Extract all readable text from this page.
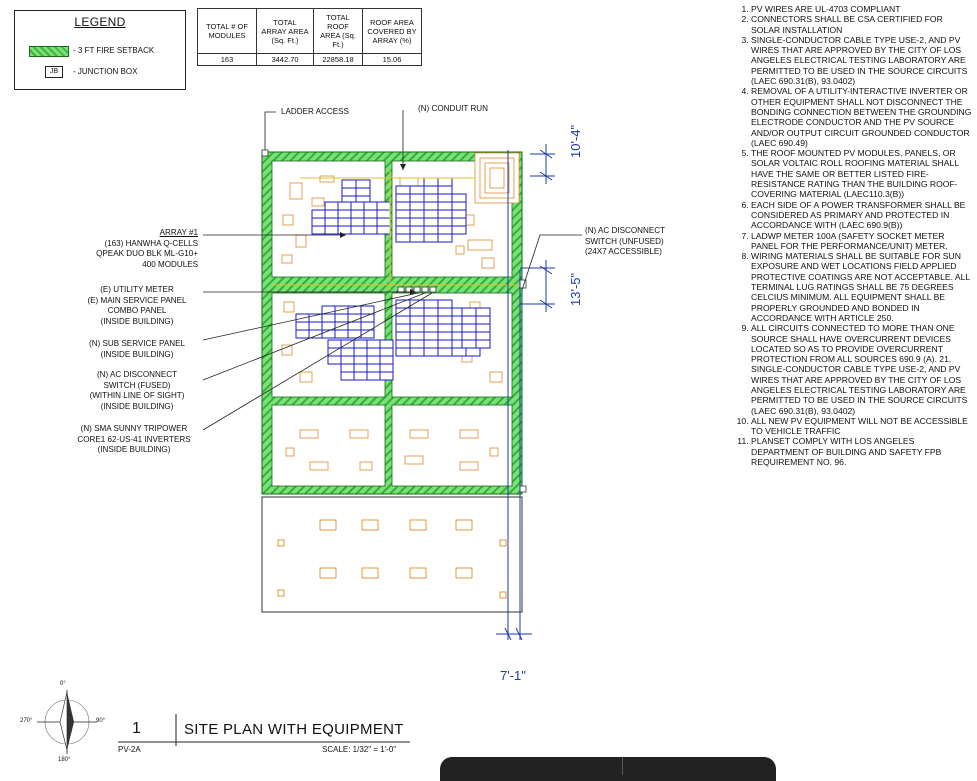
LEGEND
- 3 FT FIRE SETBACK
JB	- JUNCTION BOX
TOTAL # OF MODULES	TOTAL ARRAY AREA (Sq. Ft.)	TOTAL ROOF AREA (Sq. Ft.)	ROOF AREA COVERED BY ARRAY (%)
163	3442.70	22858.18	15.06
1. PV WIRES ARE UL-4703 COMPLIANT
2. CONNECTORS SHALL BE CSA CERTIFIED FOR SOLAR INSTALLATION
3. SINGLE-CONDUCTOR CABLE TYPE USE-2, AND PV WIRES THAT ARE APPROVED BY THE CITY OF LOS ANGELES ELECTRICAL TESTING LABORATORY ARE PERMITTED TO BE USED IN THE SOURCE CIRCUITS (LAEC 690.31(B), 93.0402)
4. REMOVAL OF A UTILITY-INTERACTIVE INVERTER OR OTHER EQUIPMENT SHALL NOT DISCONNECT THE BONDING CONNECTION BETWEEN THE GROUNDING ELECTRODE CONDUCTOR AND THE PV SOURCE AND/OR OUTPUT CIRCUIT GROUNDED CONDUCTOR (LAEC 690.49)
5. THE ROOF MOUNTED PV MODULES, PANELS, OR SOLAR VOLTAIC ROLL ROOFING MATERIAL SHALL HAVE THE SAME OR BETTER LISTED FIRE-RESISTANCE RATING THAN THE BUILDING ROOF-COVERING MATERIAL (LAEC110.3(B))
6. EACH SIDE OF A POWER TRANSFORMER SHALL BE CONSIDERED AS PRIMARY AND PROTECTED IN ACCORDANCE WITH (LAEC 690.9(B))
7. LADWP METER 100A (SAFETY SOCKET METER PANEL FOR THE PERFORMANCE/UNIT) METER,
8. WIRING MATERIALS SHALL BE SUITABLE FOR SUN EXPOSURE AND WET LOCATIONS FIELD APPLIED PROTECTIVE COATINGS ARE NOT ACCEPTABLE. ALL TERMINAL LUG RATINGS SHALL BE 75 DEGREES CELCIUS MINIMUM. ALL EQUIPMENT SHALL BE PROPERLY GROUNDED AND BONDED IN ACCORDANCE WITH ARTICLE 250.
9. ALL CIRCUITS CONNECTED TO MORE THAN ONE SOURCE SHALL HAVE OVERCURRENT DEVICES LOCATED SO AS TO PROVIDE OVERCURRENT PROTECTION FROM ALL SOURCES 690.9 (A). 21. SINGLE-CONDUCTOR CABLE TYPE USE-2, AND PV WIRES THAT ARE APPROVED BY THE CITY OF LOS ANGELES ELECTRICAL TESTING LABORATORY ARE PERMITTED TO BE USED IN THE SOURCE CIRCUITS (LAEC 690.31(B), 93.0402)
10. ALL NEW PV EQUIPMENT WILL NOT BE ACCESSIBLE TO VEHICLE TRAFFIC
11. PLANSET COMPLY WITH LOS ANGELES DEPARTMENT OF BUILDING AND SAFETY FPB REQUIREMENT NO. 96.
LADDER ACCESS	(N) CONDUIT RUN
ARRAY #1
(163) HANWHA Q-CELLS
QPEAK DUO BLK ML-G10+
400 MODULES
(E) UTILITY METER
(E) MAIN SERVICE PANEL
COMBO PANEL
(INSIDE BUILDING)
(N) SUB SERVICE PANEL
(INSIDE BUILDING)
(N) AC DISCONNECT
SWITCH (FUSED)
(WITHIN LINE OF SIGHT)
(INSIDE BUILDING)
(N) SMA SUNNY TRIPOWER
CORE1 62-US-41 INVERTERS
(INSIDE BUILDING)
(N) AC DISCONNECT
SWITCH (UNFUSED)
(24X7 ACCESSIBLE)
10'-4"
13'-5"
7'-1"
0°
90°
180°
270°	1
PV-2A
SITE PLAN WITH EQUIPMENT
SCALE: 1/32" = 1'-0"
